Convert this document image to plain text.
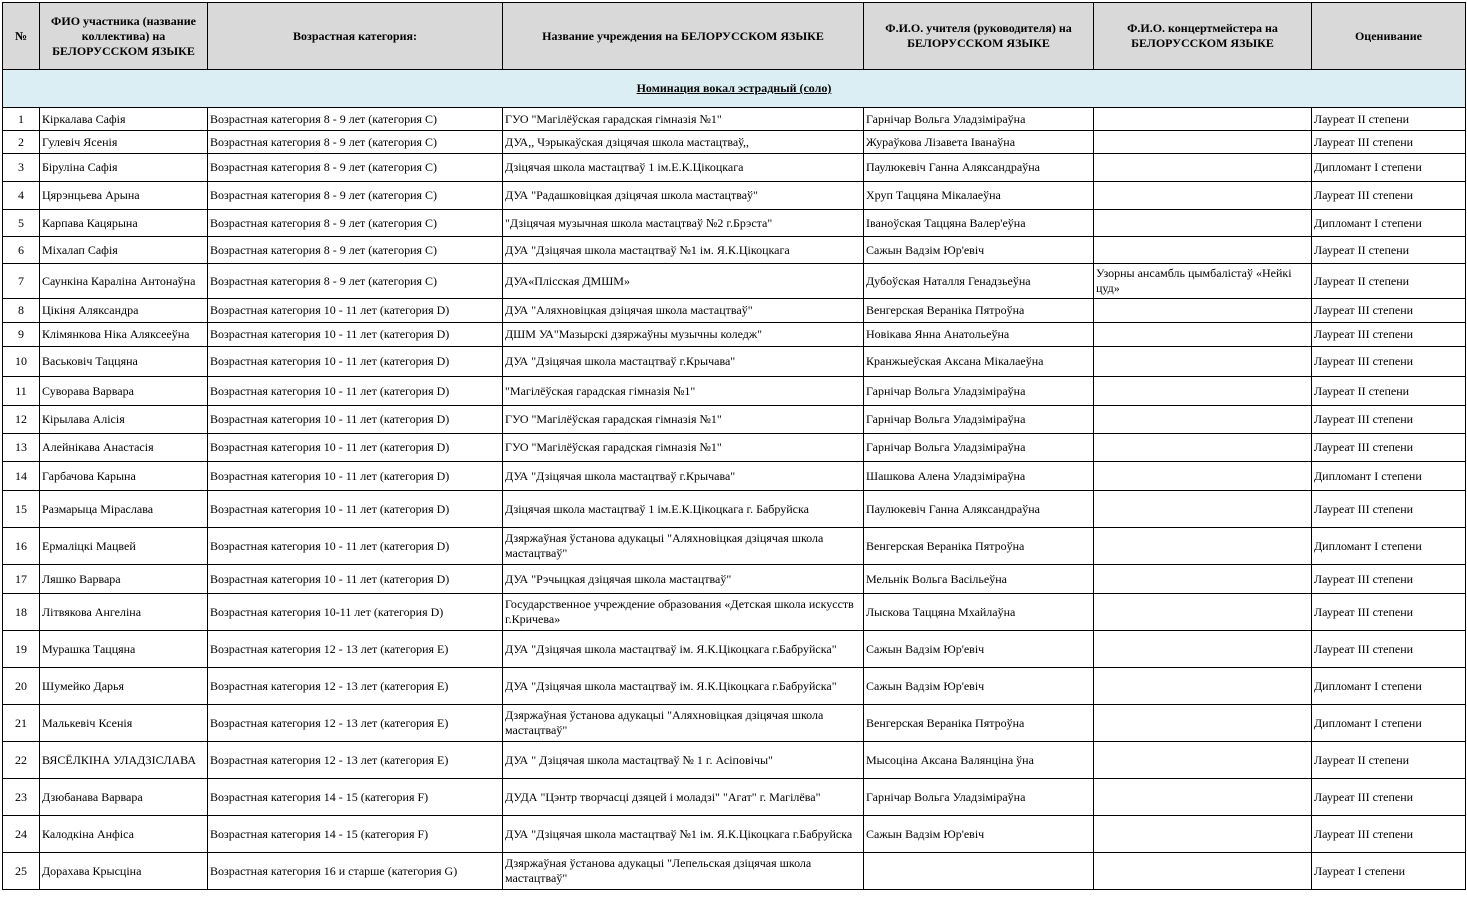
№	ФИО участника (название коллектива) на БЕЛОРУССКОМ ЯЗЫКЕ	Возрастная категория:	Название учреждения на БЕЛОРУССКОМ ЯЗЫКЕ	Ф.И.О. учителя (руководителя) на БЕЛОРУССКОМ ЯЗЫКЕ	Ф.И.О. концертмейстера на БЕЛОРУССКОМ ЯЗЫКЕ	Оценивание
Номинация вокал эстрадный (соло)						
1	Кіркалава Сафія	Возрастная категория 8 - 9 лет (категория С)	ГУО "Магілёўская гарадская гімназія №1"	Гарнічар Вольга Уладзіміраўна		Лауреат II степени
2	Гулевіч Ясенія	Возрастная категория 8 - 9 лет (категория С)	ДУА,, Чэрыкаўская дзіцячая школа мастацтваў,,	Жураўкова Лізавета Іванаўна		Лауреат III степени
3	Біруліна Сафія	Возрастная категория 8 - 9 лет (категория С)	Дзіцячая школа мастацтваў 1 ім.Е.К.Цікоцкага	Паулюкевіч Ганна Аляксандраўна		Дипломант I степени
4	Цярэнцьева Арына	Возрастная категория 8 - 9 лет (категория С)	ДУА "Радашковіцкая дзіцячая школа мастацтваў"	Хруп Таццяна Мікалаеўна		Лауреат III степени
5	Карпава Кацярына	Возрастная категория 8 - 9 лет (категория С)	"Дзіцячая музычная школа мастацтваў №2 г.Брэста"	Іваноўская Таццяна Валер'еўна		Дипломант I степени
6	Міхалап Сафія	Возрастная категория 8 - 9 лет (категория С)	ДУА "Дзіцячая школа мастацтваў №1 ім. Я.К.Цікоцкага	Сажын Вадзім Юр'евіч		Лауреат II степени
7	Саункіна Караліна Антонаўна	Возрастная категория 8 - 9 лет (категория С)	ДУА«Плісская ДМШМ»	Дубоўская Наталля Генадзьеўна	Узорны ансамбль цымбалістаў «Нейкі цуд»	Лауреат II степени
8	Цікіня Аляксандра	Возрастная категория 10 - 11 лет (категория D)	ДУА "Аляхновіцкая дзіцячая школа мастацтваў"	Венгерская Веранiка Пятроўна		Лауреат III степени
9	Клімянкова Ніка Аляксееўна	Возрастная категория 10 - 11 лет (категория D)	ДШМ УА"Мазырскі дзяржаўны музычны коледж"	Новікава Янна Анатольеўна		Лауреат III степени
10	Васьковіч Таццяна	Возрастная категория 10 - 11 лет (категория D)	ДУА "Дзіцячая школа мастацтваў г.Крычава"	Кранжыеўская Аксана Мікалаеўна		Лауреат III степени
11	Суворава Варвара	Возрастная категория 10 - 11 лет (категория D)	"Магілёўская гарадская гімназія №1"	Гарнічар Вольга Уладзіміраўна		Лауреат II степени
12	Кірылава Алісія	Возрастная категория 10 - 11 лет (категория D)	ГУО "Магілёўская гарадская гімназія №1"	Гарнічар Вольга Уладзіміраўна		Лауреат III степени
13	Алейнікава Анастасія	Возрастная категория 10 - 11 лет (категория D)	ГУО "Магілёўская гарадская гімназія №1"	Гарнічар Вольга Уладзіміраўна		Лауреат III степени
14	Гарбачова Карына	Возрастная категория 10 - 11 лет (категория D)	ДУА "Дзіцячая школа мастацтваў г.Крычава"	Шашкова Алена Уладзіміраўна		Дипломант I степени
15	Размарыца Міраслава	Возрастная категория 10 - 11 лет (категория D)	Дзіцячая школа мастацтваў 1 ім.Е.К.Цікоцкага г. Бабруйска	Паулюкевіч Ганна Аляксандраўна		Лауреат III степени
16	Ермаліцкі Мацвей	Возрастная категория 10 - 11 лет (категория D)	Дзяржаўная ўстанова адукацыі "Аляхновіцкая дзіцячая школа мастацтваў"	Венгерская Веранiка Пятроўна		Дипломант I степени
17	Ляшко Варвара	Возрастная категория 10 - 11 лет (категория D)	ДУА "Рэчыцкая дзіцячая школа мастацтваў"	Мельнік Вольга Васільеўна		Лауреат III степени
18	Літвякова Ангеліна	Возрастная категория 10-11 лет (категория D)	Государственное учреждение образования «Детская школа искусств г.Кричева»	Лыскова Таццяна Мхайлаўна		Лауреат III степени
19	Мурашка Таццяна	Возрастная категория 12 - 13 лет (категория E)	ДУА "Дзіцячая школа мастацтваў ім. Я.К.Цікоцкага г.Бабруйска"	Сажын Вадзім Юр'евіч		Лауреат III степени
20	Шумейко Дарья	Возрастная категория 12 - 13 лет (категория E)	ДУА "Дзіцячая школа мастацтваў ім. Я.К.Цікоцкага г.Бабруйска"	Сажын Вадзім Юр'евіч		Дипломант I степени
21	Малькевіч Ксенія	Возрастная категория 12 - 13 лет (категория E)	Дзяржаўная ўстанова адукацыі "Аляхновіцкая дзіцячая школа мастацтваў"	Венгерская Веранiка Пятроўна		Дипломант I степени
22	ВЯСЁЛКІНА УЛАДЗІСЛАВА	Возрастная категория 12 - 13 лет (категория E)	ДУА " Дзіцячая школа мастацтваў № 1 г. Асіповічы"	Мысоціна Аксана Валянціна ўна		Лауреат II степени
23	Дзюбанава Варвара	Возрастная категория 14 - 15 (категория F)	ДУДА "Цэнтр творчасці дзяцей і моладзі" "Агат" г. Магілёва"	Гарнічар Вольга Уладзіміраўна		Лауреат III степени
24	Калодкіна Анфіса	Возрастная категория 14 - 15 (категория F)	ДУА "Дзіцячая школа мастацтваў №1 ім. Я.К.Цікоцкага г.Бабруйска	Сажын Вадзім Юр'евіч		Лауреат III степени
25	Дорахава Крысціна	Возрастная категория 16 и старше (категория G)	Дзяржаўная ўстанова адукацыі "Лепельская дзіцячая школа мастацтваў"			Лауреат I степени
